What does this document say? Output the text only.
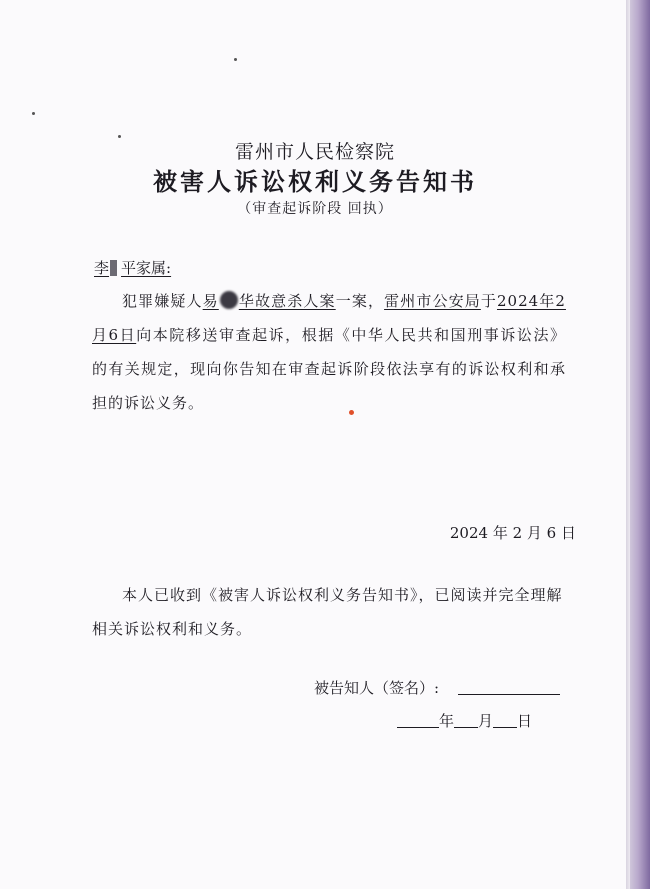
雷州市人民检察院
被害人诉讼权利义务告知书
（审查起诉阶段 回执）
李 平家属:
犯罪嫌疑人易 华故意杀人案一案，雷州市公安局于2024年2月6日向本院移送审查起诉，根据《中华人民共和国刑事诉讼法》的有关规定，现向你告知在审查起诉阶段依法享有的诉讼权利和承担的诉讼义务。
2024 年 2 月 6 日
本人已收到《被害人诉讼权利义务告知书》，已阅读并完全理解相关诉讼权利和义务。
被告知人（签名）:
年 月 日
